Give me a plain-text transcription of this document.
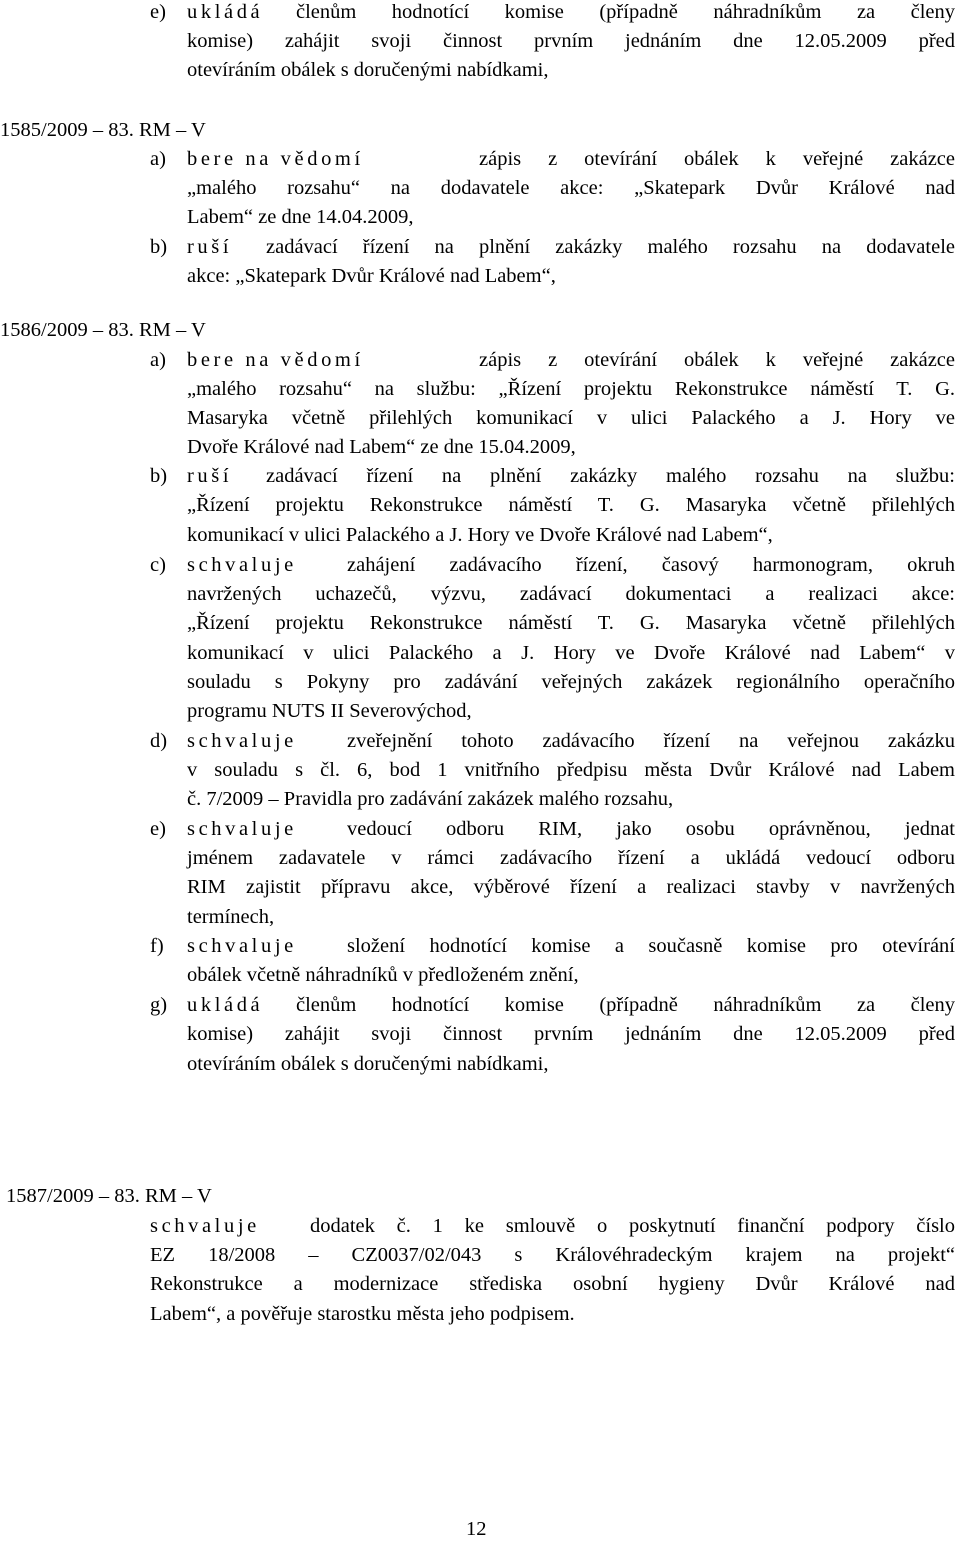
e) ukládá členům hodnotící komise (případně náhradníkům za členy
komise) zahájit svoji činnost prvním jednáním dne 12.05.2009 před
otevíráním obálek s doručenými nabídkami,
1585/2009 – 83. RM – V
a) bere na vědomí	zápis z otevírání obálek k veřejné zakázce
„malého rozsahu“ na dodavatele akce: „Skatepark Dvůr Králové nad
Labem“ ze dne 14.04.2009,
b) ruší zadávací řízení na plnění zakázky malého rozsahu na dodavatele
akce: „Skatepark Dvůr Králové nad Labem“,
1586/2009 – 83. RM – V
a) bere na vědomí	zápis z otevírání obálek k veřejné zakázce
„malého rozsahu“ na službu: „Řízení projektu Rekonstrukce náměstí T. G.
Masaryka včetně přilehlých komunikací v ulici Palackého a J. Hory ve
Dvoře Králové nad Labem“ ze dne 15.04.2009,
b) ruší zadávací řízení na plnění zakázky malého rozsahu na službu:
„Řízení projektu Rekonstrukce náměstí T. G. Masaryka včetně přilehlých
komunikací v ulici Palackého a J. Hory ve Dvoře Králové nad Labem“,
c) schvaluje zahájení zadávacího řízení, časový harmonogram, okruh
navržených uchazečů, výzvu, zadávací dokumentaci a realizaci akce:
„Řízení projektu Rekonstrukce náměstí T. G. Masaryka včetně přilehlých
komunikací v ulici Palackého a J. Hory ve Dvoře Králové nad Labem“ v
souladu s Pokyny pro zadávání veřejných zakázek regionálního operačního
programu NUTS II Severovýchod,
d) schvaluje zveřejnění tohoto zadávacího řízení na veřejnou zakázku
v souladu s čl. 6, bod 1 vnitřního předpisu města Dvůr Králové nad Labem
č. 7/2009 – Pravidla pro zadávání zakázek malého rozsahu,
e) schvaluje vedoucí odboru RIM, jako osobu oprávněnou, jednat
jménem zadavatele v rámci zadávacího řízení a ukládá vedoucí odboru
RIM zajistit přípravu akce, výběrové řízení a realizaci stavby v navržených
termínech,
f) schvaluje složení hodnotící komise a současně komise pro otevírání
obálek včetně náhradníků v předloženém znění,
g) ukládá členům hodnotící komise (případně náhradníkům za členy
komise) zahájit svoji činnost prvním jednáním dne 12.05.2009 před
otevíráním obálek s doručenými nabídkami,
1587/2009 – 83. RM – V
schvaluje dodatek č. 1 ke smlouvě o poskytnutí finanční podpory číslo
EZ 18/2008 – CZ0037/02/043 s Královéhradeckým krajem na projekt“
Rekonstrukce a modernizace střediska osobní hygieny Dvůr Králové nad
Labem“, a pověřuje starostku města jeho podpisem.
12
